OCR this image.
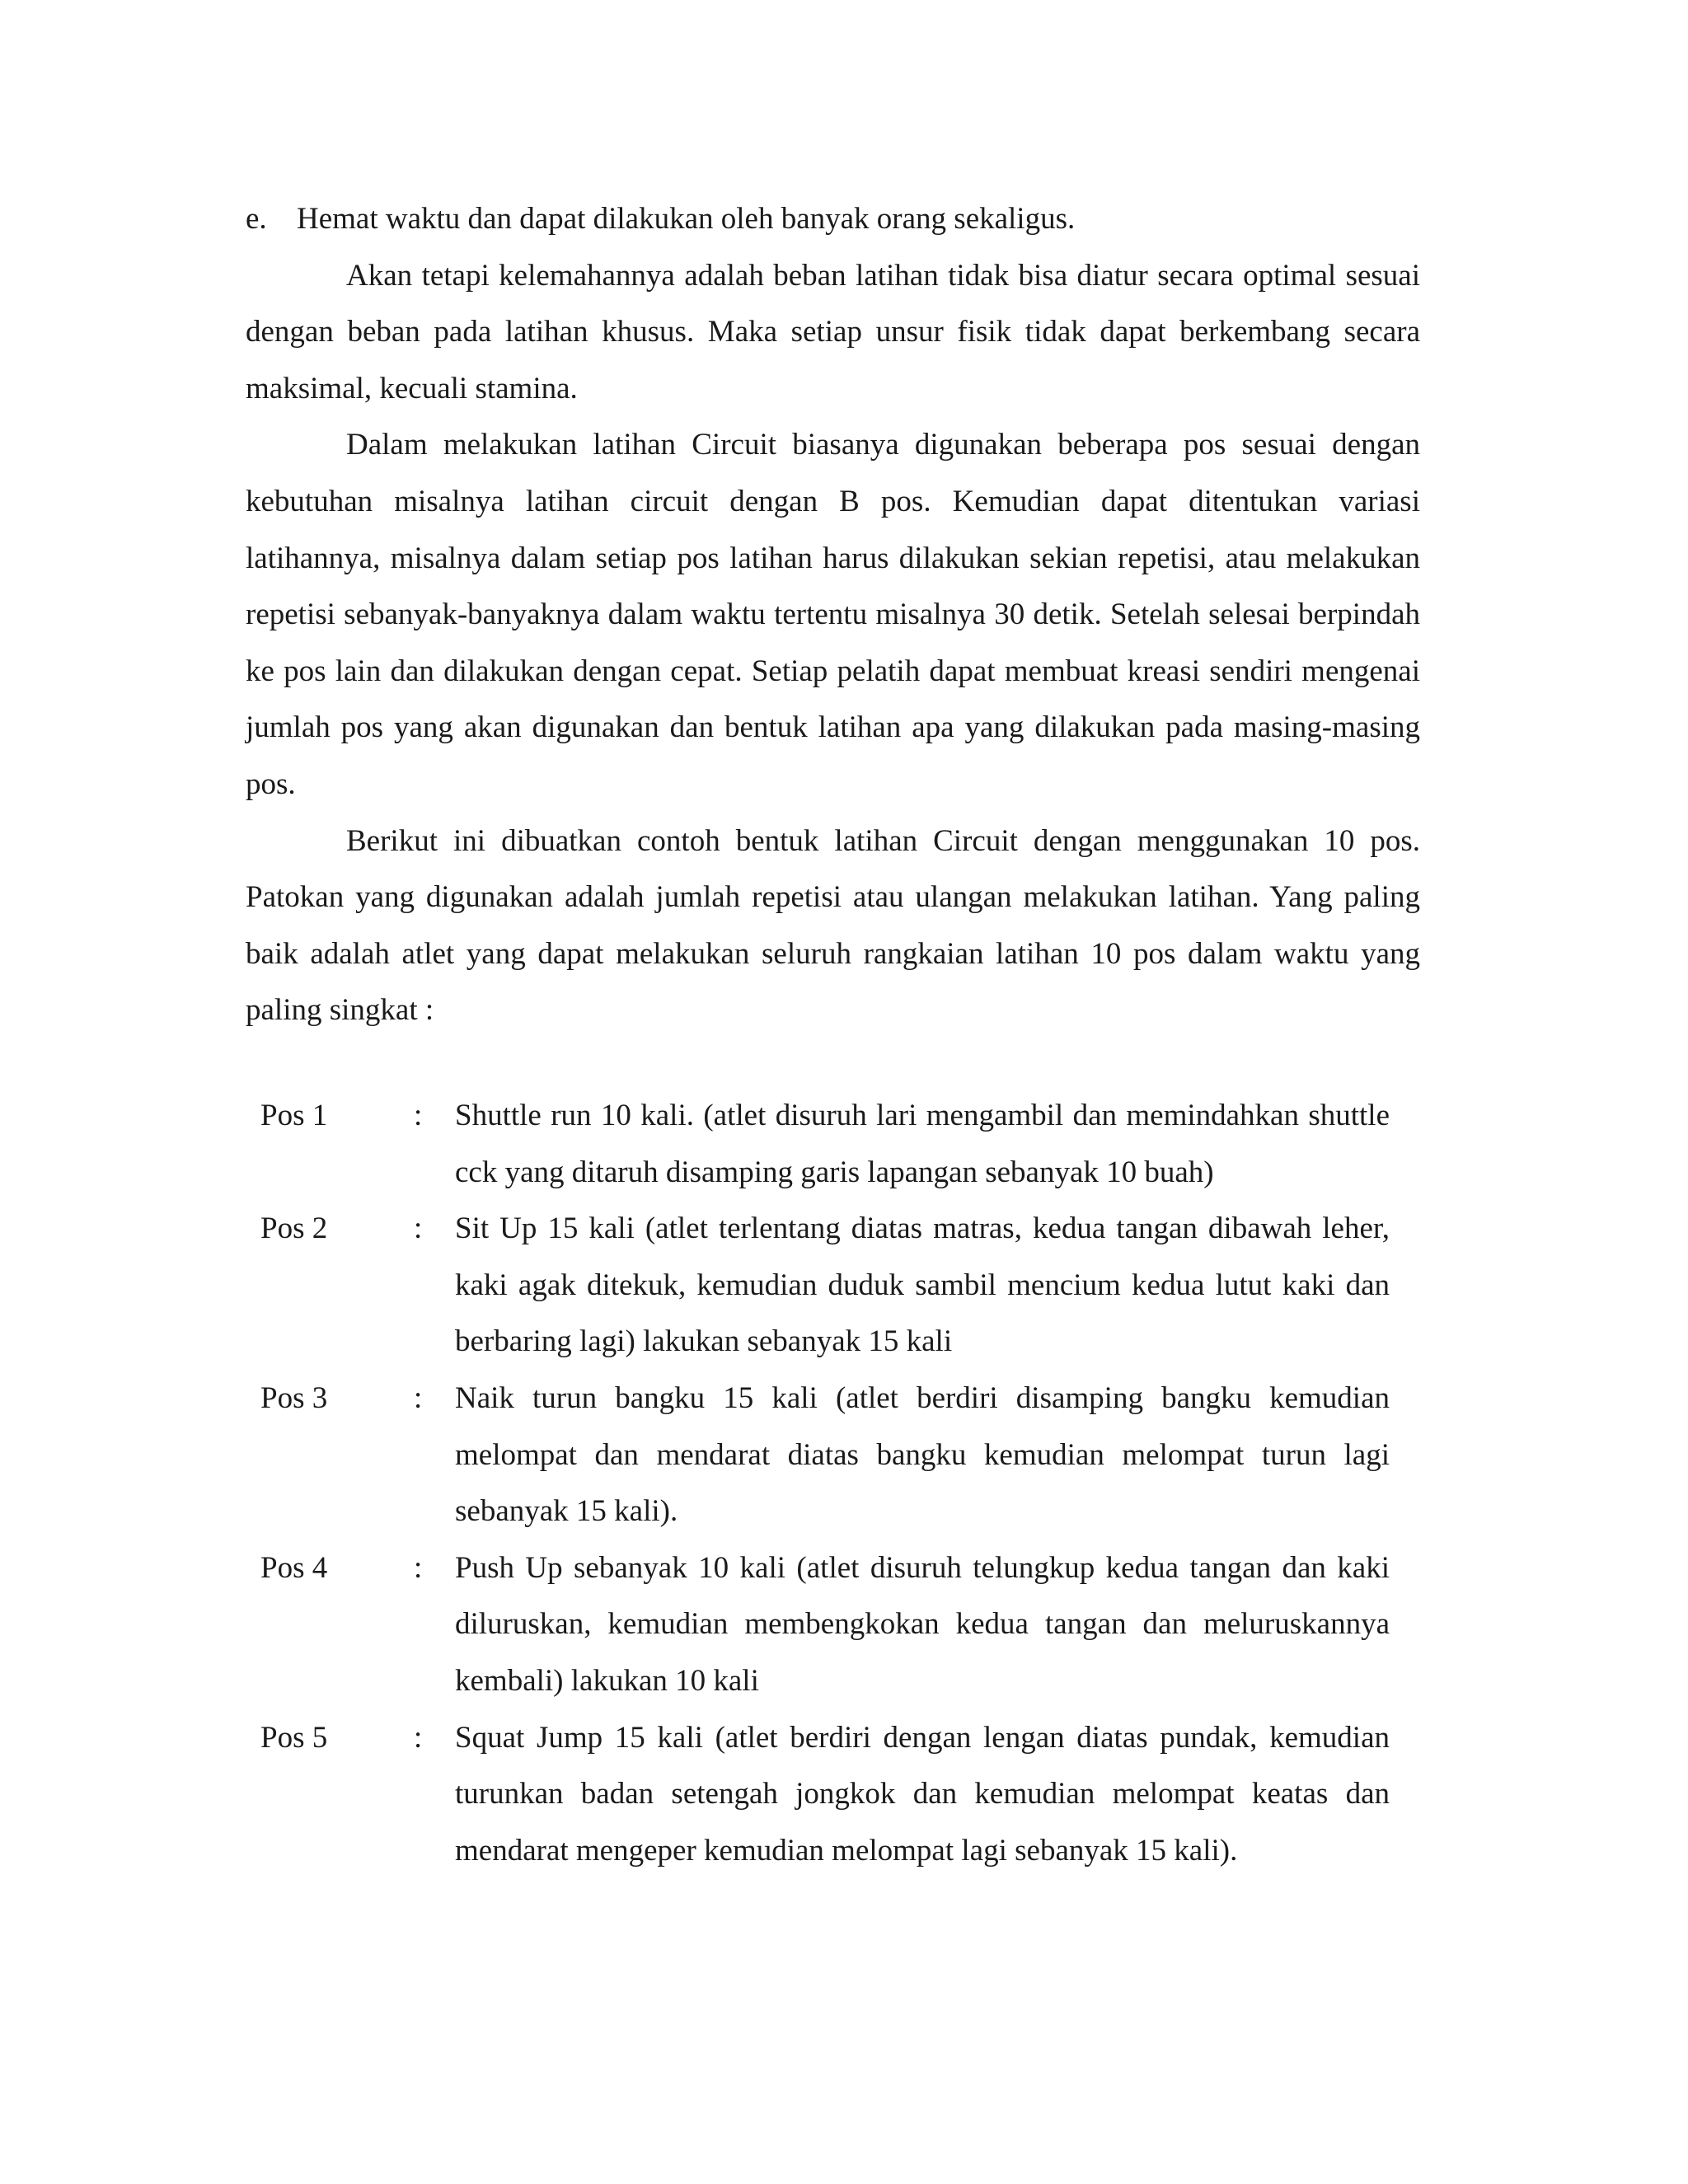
e. Hemat waktu dan dapat dilakukan oleh banyak orang sekaligus.

Akan tetapi kelemahannya adalah beban latihan tidak bisa diatur secara optimal sesuai dengan beban pada latihan khusus. Maka setiap unsur fisik tidak dapat berkembang secara maksimal, kecuali stamina.

Dalam melakukan latihan Circuit biasanya digunakan beberapa pos sesuai dengan kebutuhan misalnya latihan circuit dengan B pos. Kemudian dapat ditentukan variasi latihannya, misalnya dalam setiap pos latihan harus dilakukan sekian repetisi, atau melakukan repetisi sebanyak-banyaknya dalam waktu tertentu misalnya 30 detik. Setelah selesai berpindah ke pos lain dan dilakukan dengan cepat. Setiap pelatih dapat membuat kreasi sendiri mengenai jumlah pos yang akan digunakan dan bentuk latihan apa yang dilakukan pada masing-masing pos.

Berikut ini dibuatkan contoh bentuk latihan Circuit dengan menggunakan 10 pos. Patokan yang digunakan adalah jumlah repetisi atau ulangan melakukan latihan. Yang paling baik adalah atlet yang dapat melakukan seluruh rangkaian latihan 10 pos dalam waktu yang paling singkat :

Pos 1	:	Shuttle run 10 kali. (atlet disuruh lari mengambil dan memindahkan shuttle cck yang ditaruh disamping garis lapangan sebanyak 10 buah)
Pos 2	:	Sit Up 15 kali (atlet terlentang diatas matras, kedua tangan dibawah leher, kaki agak ditekuk, kemudian duduk sambil mencium kedua lutut kaki dan berbaring lagi) lakukan sebanyak 15 kali
Pos 3	:	Naik turun bangku 15 kali (atlet berdiri disamping bangku kemudian melompat dan mendarat diatas bangku kemudian melompat turun lagi sebanyak 15 kali).
Pos 4	:	Push Up sebanyak 10 kali (atlet disuruh telungkup kedua tangan dan kaki diluruskan, kemudian membengkokan kedua tangan dan meluruskannya kembali) lakukan 10 kali
Pos 5	:	Squat Jump 15 kali (atlet berdiri dengan lengan diatas pundak, kemudian turunkan badan setengah jongkok dan kemudian melompat keatas dan mendarat mengeper kemudian melompat lagi sebanyak 15 kali).
